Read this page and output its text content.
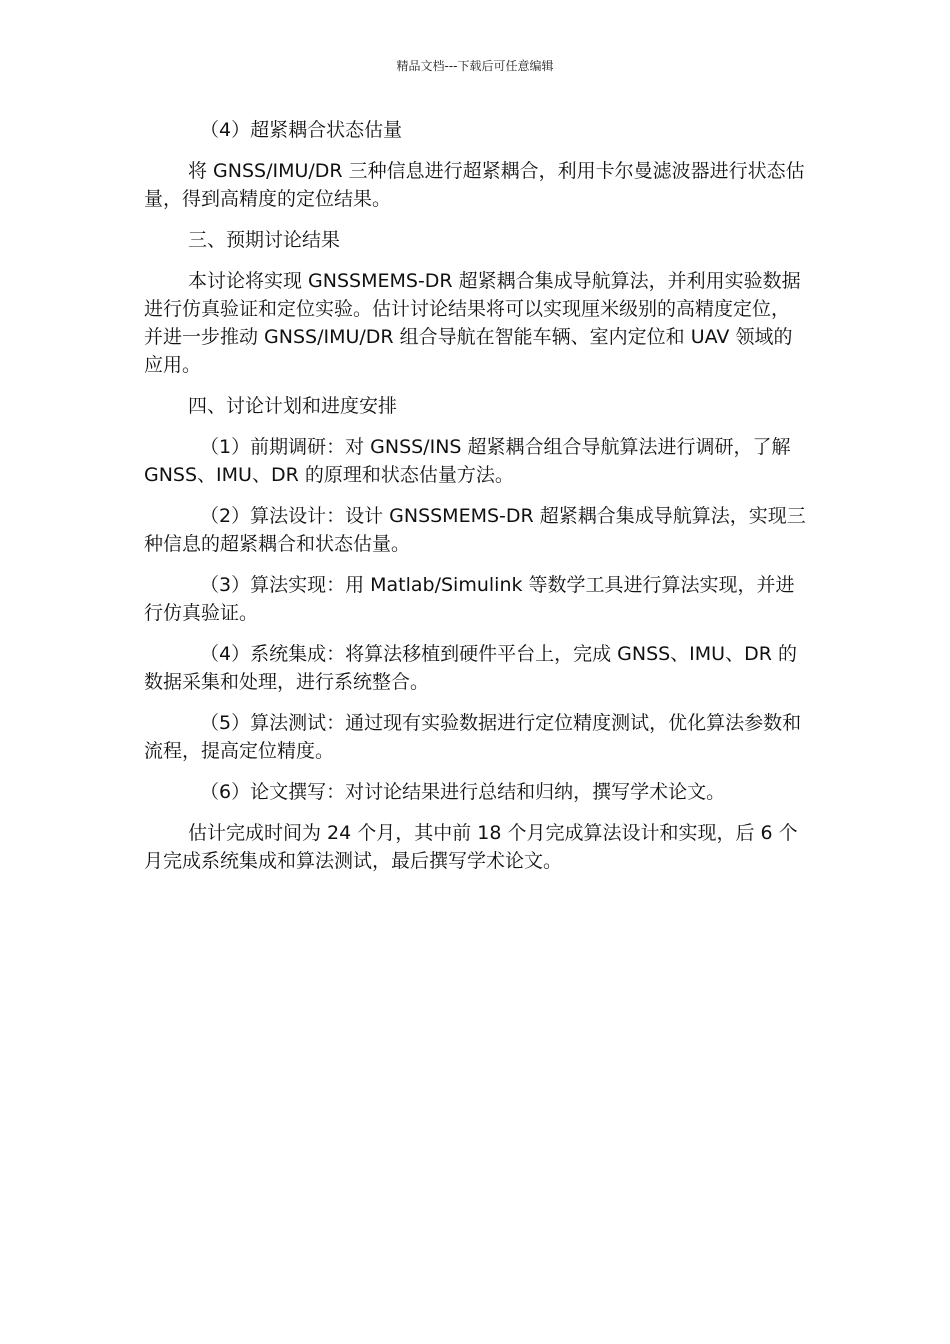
精品文档---下载后可任意编辑

（4）超紧耦合状态估量

将 GNSS/IMU/DR 三种信息进行超紧耦合，利用卡尔曼滤波器进行状态估量，得到高精度的定位结果。

三、预期讨论结果

本讨论将实现 GNSSMEMS-DR 超紧耦合集成导航算法，并利用实验数据进行仿真验证和定位实验。估计讨论结果将可以实现厘米级别的高精度定位，并进一步推动 GNSS/IMU/DR 组合导航在智能车辆、室内定位和 UAV 领域的应用。

四、讨论计划和进度安排

（1）前期调研：对 GNSS/INS 超紧耦合组合导航算法进行调研，了解 GNSS、IMU、DR 的原理和状态估量方法。

（2）算法设计：设计 GNSSMEMS-DR 超紧耦合集成导航算法，实现三种信息的超紧耦合和状态估量。

（3）算法实现：用 Matlab/Simulink 等数学工具进行算法实现，并进行仿真验证。

（4）系统集成：将算法移植到硬件平台上，完成 GNSS、IMU、DR 的数据采集和处理，进行系统整合。

（5）算法测试：通过现有实验数据进行定位精度测试，优化算法参数和流程，提高定位精度。

（6）论文撰写：对讨论结果进行总结和归纳，撰写学术论文。

估计完成时间为 24 个月，其中前 18 个月完成算法设计和实现，后 6 个月完成系统集成和算法测试，最后撰写学术论文。
